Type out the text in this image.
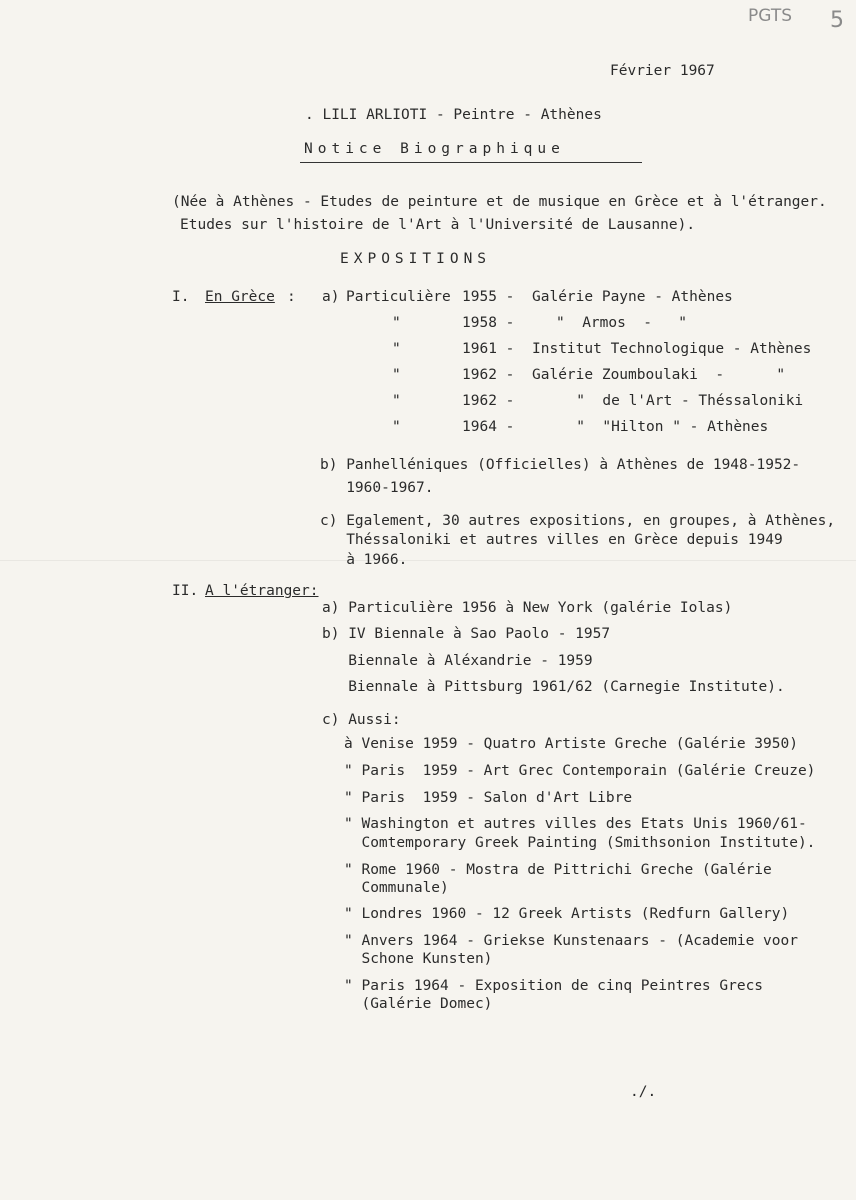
PGTS 5
Février 1967
. LILI ARLIOTI - Peintre - Athènes
Notice Biographique
(Née à Athènes - Etudes de peinture et de musique en Grèce et à l'étranger.
Etudes sur l'histoire de l'Art à l'Université de Lausanne).
EXPOSITIONS
I. En Grèce : a) Particulière 1955 - Galérie Payne - Athènes
"	1958 -	"  Armos  -   "
"	1961 - Institut Technologique - Athènes
"	1962 - Galérie Zoumboulaki  -      "
"	1962 - "  de l'Art - Théssaloniki
"	1964 - "  "Hilton " - Athènes
b) Panhelléniques (Officielles) à Athènes de 1948-1952-
1960-1967.
c) Egalement, 30 autres expositions, en groupes, à Athènes,
Théssaloniki et autres villes en Grèce depuis 1949
à 1966.
II. A l'étranger:
a) Particulière 1956 à New York (galérie Iolas)
b) IV Biennale à Sao Paolo - 1957
Biennale à Aléxandrie - 1959
Biennale à Pittsburg 1961/62 (Carnegie Institute).
c) Aussi:
à Venise 1959 - Quatro Artiste Greche (Galérie 3950)
" Paris  1959 - Art Grec Contemporain (Galérie Creuze)
" Paris  1959 - Salon d'Art Libre
" Washington et autres villes des Etats Unis 1960/61-
Comtemporary Greek Painting (Smithsonion Institute).
" Rome 1960 - Mostra de Pittrichi Greche (Galérie
Communale)
" Londres 1960 - 12 Greek Artists (Redfurn Gallery)
" Anvers 1964 - Griekse Kunstenaars - (Academie voor
Schone Kunsten)
" Paris 1964 - Exposition de cinq Peintres Grecs
(Galérie Domec)
./.
